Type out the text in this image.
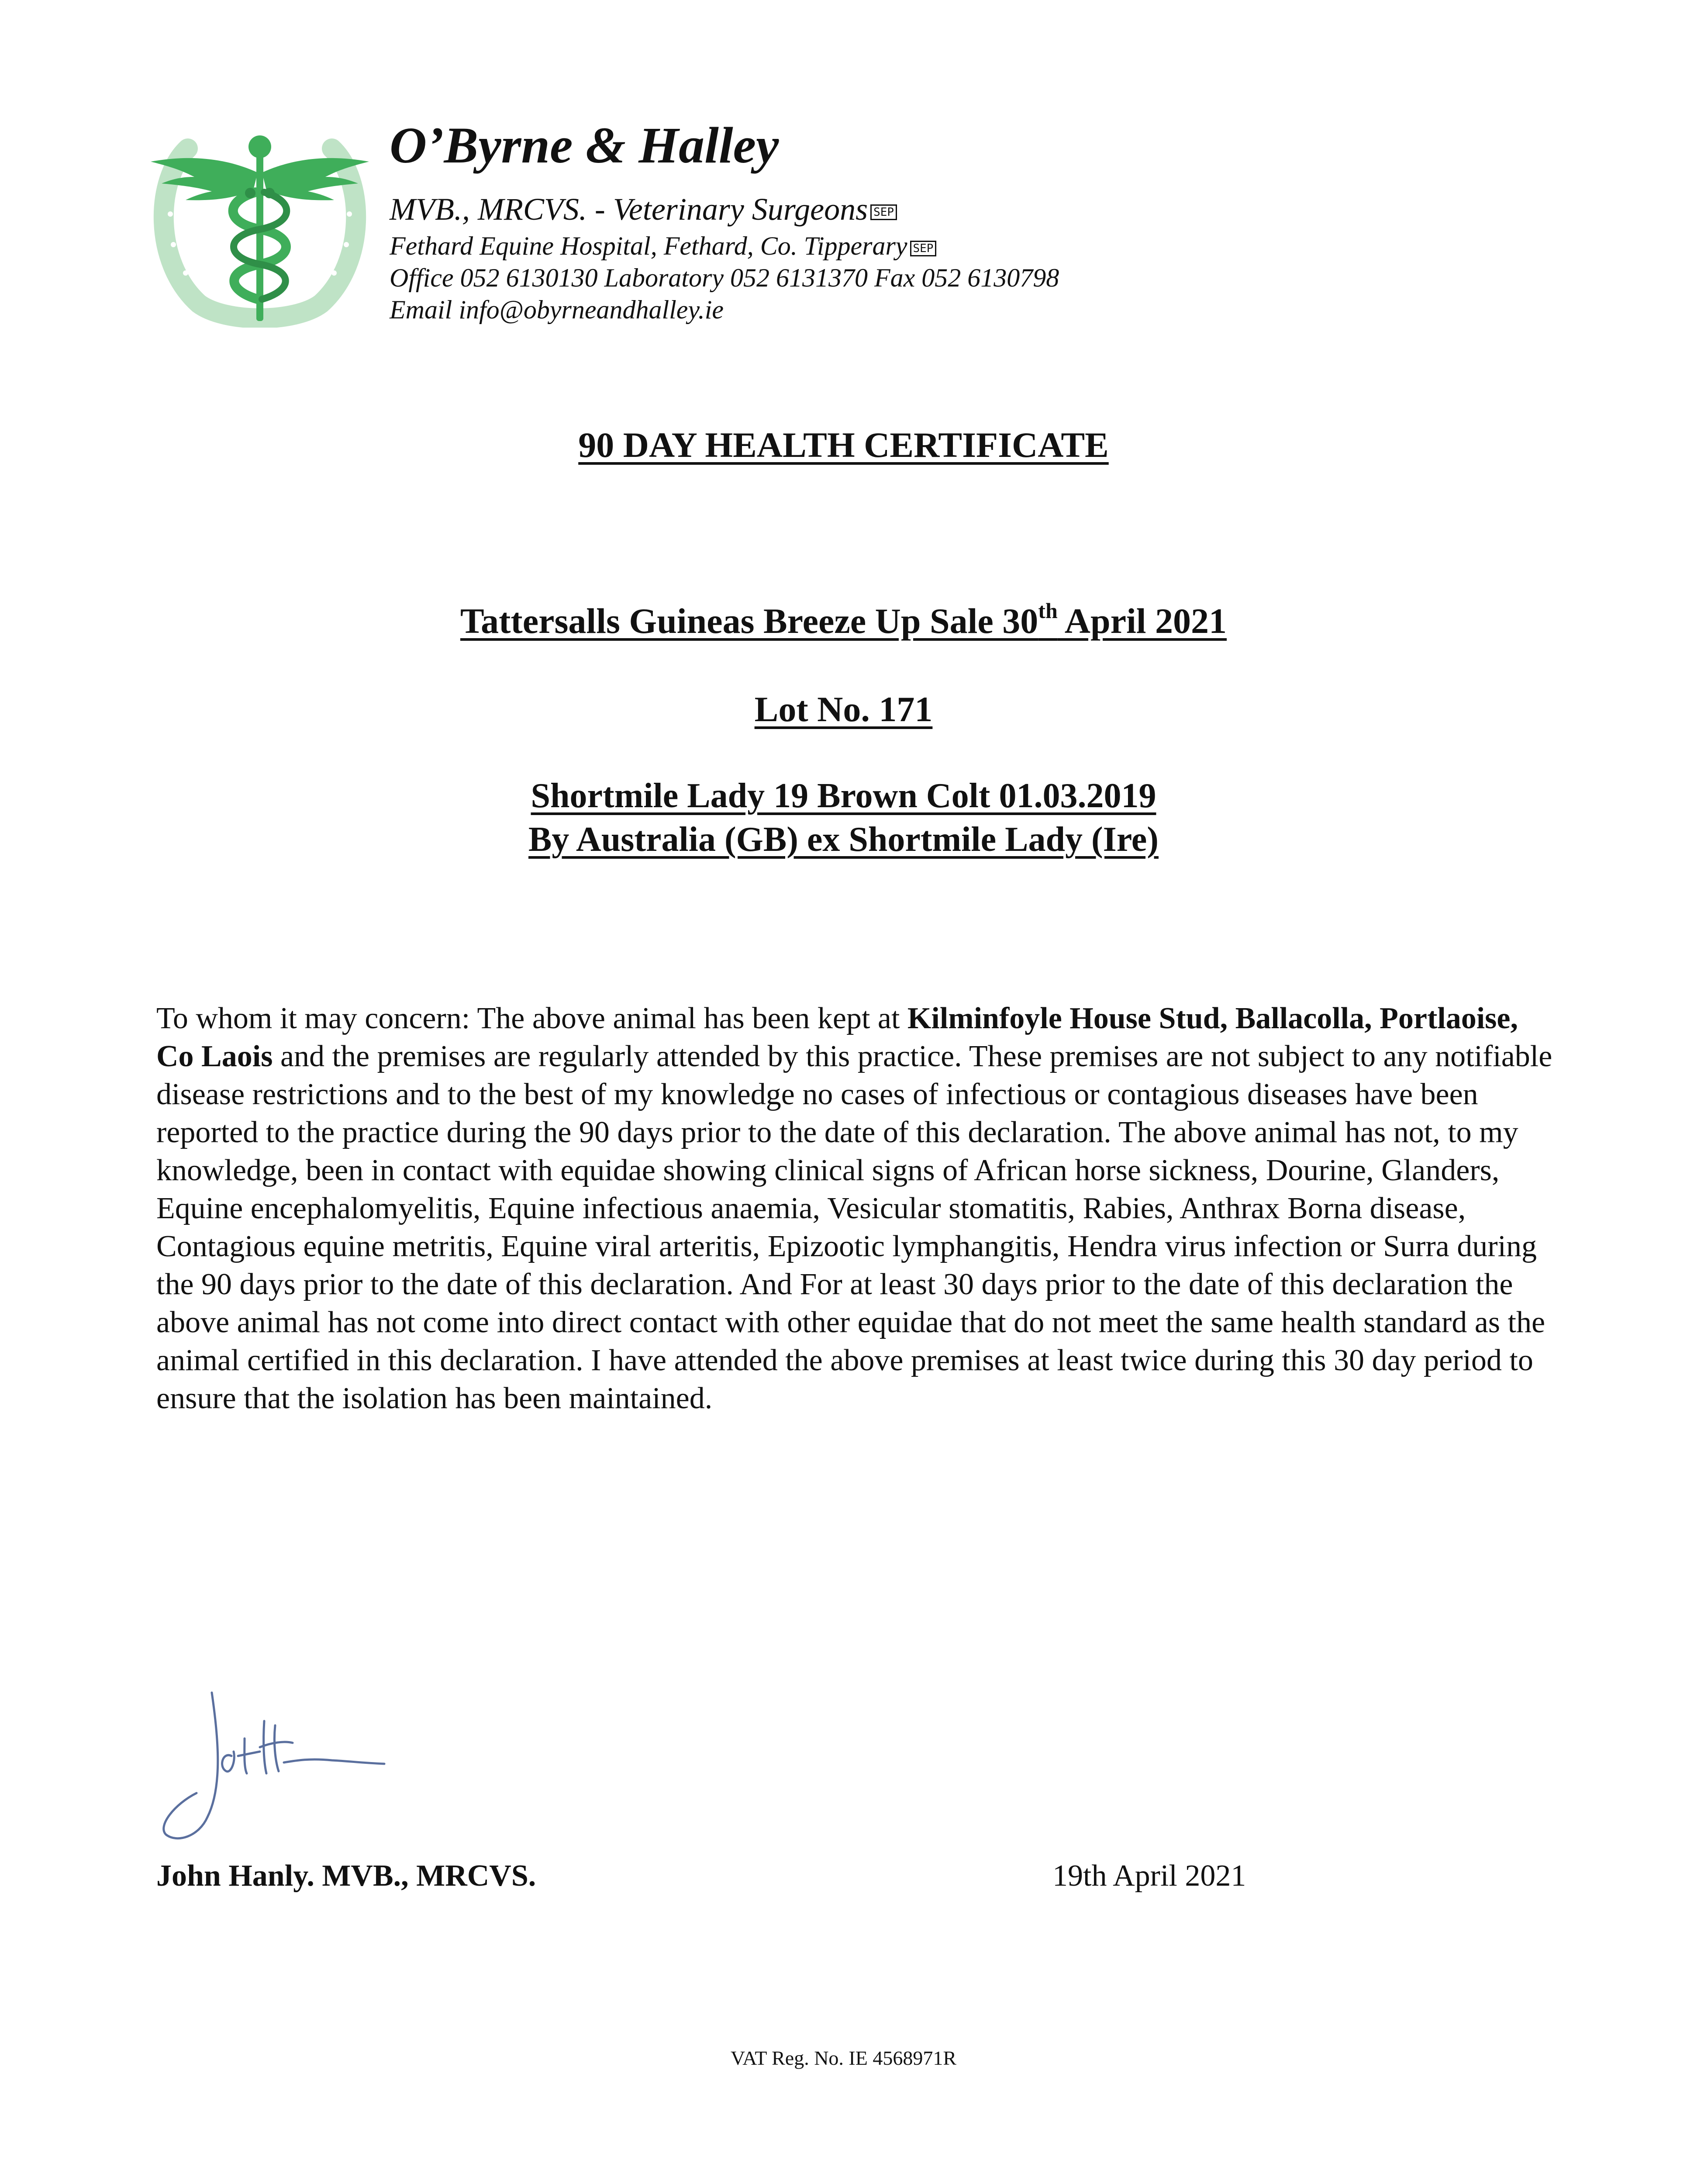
O’Byrne & Halley
MVB., MRCVS. - Veterinary Surgeons SEP
Fethard Equine Hospital, Fethard, Co. Tipperary SEP
Office 052 6130130 Laboratory 052 6131370 Fax 052 6130798
Email info@obyrneandhalley.ie
90 DAY HEALTH CERTIFICATE
Tattersalls Guineas Breeze Up Sale 30th April 2021
Lot No. 171
Shortmile Lady 19 Brown Colt 01.03.2019
By Australia (GB) ex Shortmile Lady (Ire)
To whom it may concern: The above animal has been kept at Kilminfoyle House Stud, Ballacolla, Portlaoise, Co Laois and the premises are regularly attended by this practice. These premises are not subject to any notifiable disease restrictions and to the best of my knowledge no cases of infectious or contagious diseases have been reported to the practice during the 90 days prior to the date of this declaration. The above animal has not, to my knowledge, been in contact with equidae showing clinical signs of African horse sickness, Dourine, Glanders, Equine encephalomyelitis, Equine infectious anaemia, Vesicular stomatitis, Rabies, Anthrax Borna disease, Contagious equine metritis, Equine viral arteritis, Epizootic lymphangitis, Hendra virus infection or Surra during the 90 days prior to the date of this declaration. And For at least 30 days prior to the date of this declaration the above animal has not come into direct contact with other equidae that do not meet the same health standard as the animal certified in this declaration. I have attended the above premises at least twice during this 30 day period to ensure that the isolation has been maintained.
John Hanly. MVB., MRCVS.	19th April 2021
VAT Reg. No. IE 4568971R
